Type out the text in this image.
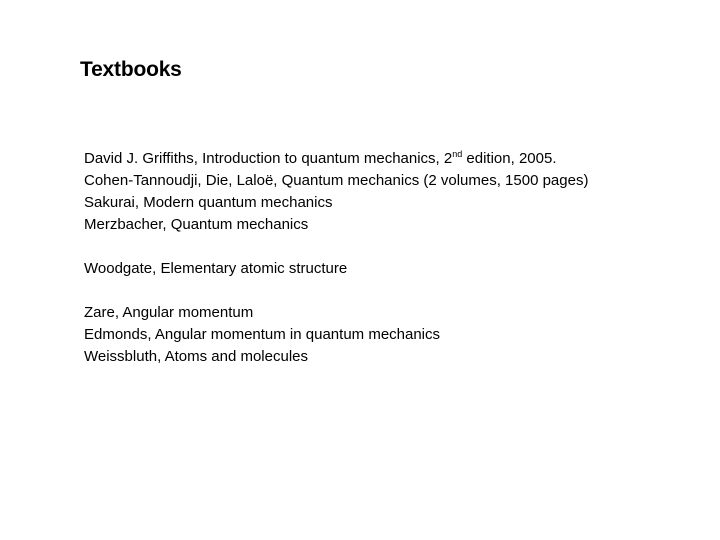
Textbooks
David J. Griffiths, Introduction to quantum mechanics, 2nd edition, 2005.
Cohen-Tannoudji, Die, Laloë, Quantum mechanics (2 volumes, 1500 pages)
Sakurai, Modern quantum mechanics
Merzbacher, Quantum mechanics
Woodgate, Elementary atomic structure
Zare, Angular momentum
Edmonds, Angular momentum in quantum mechanics
Weissbluth, Atoms and molecules
